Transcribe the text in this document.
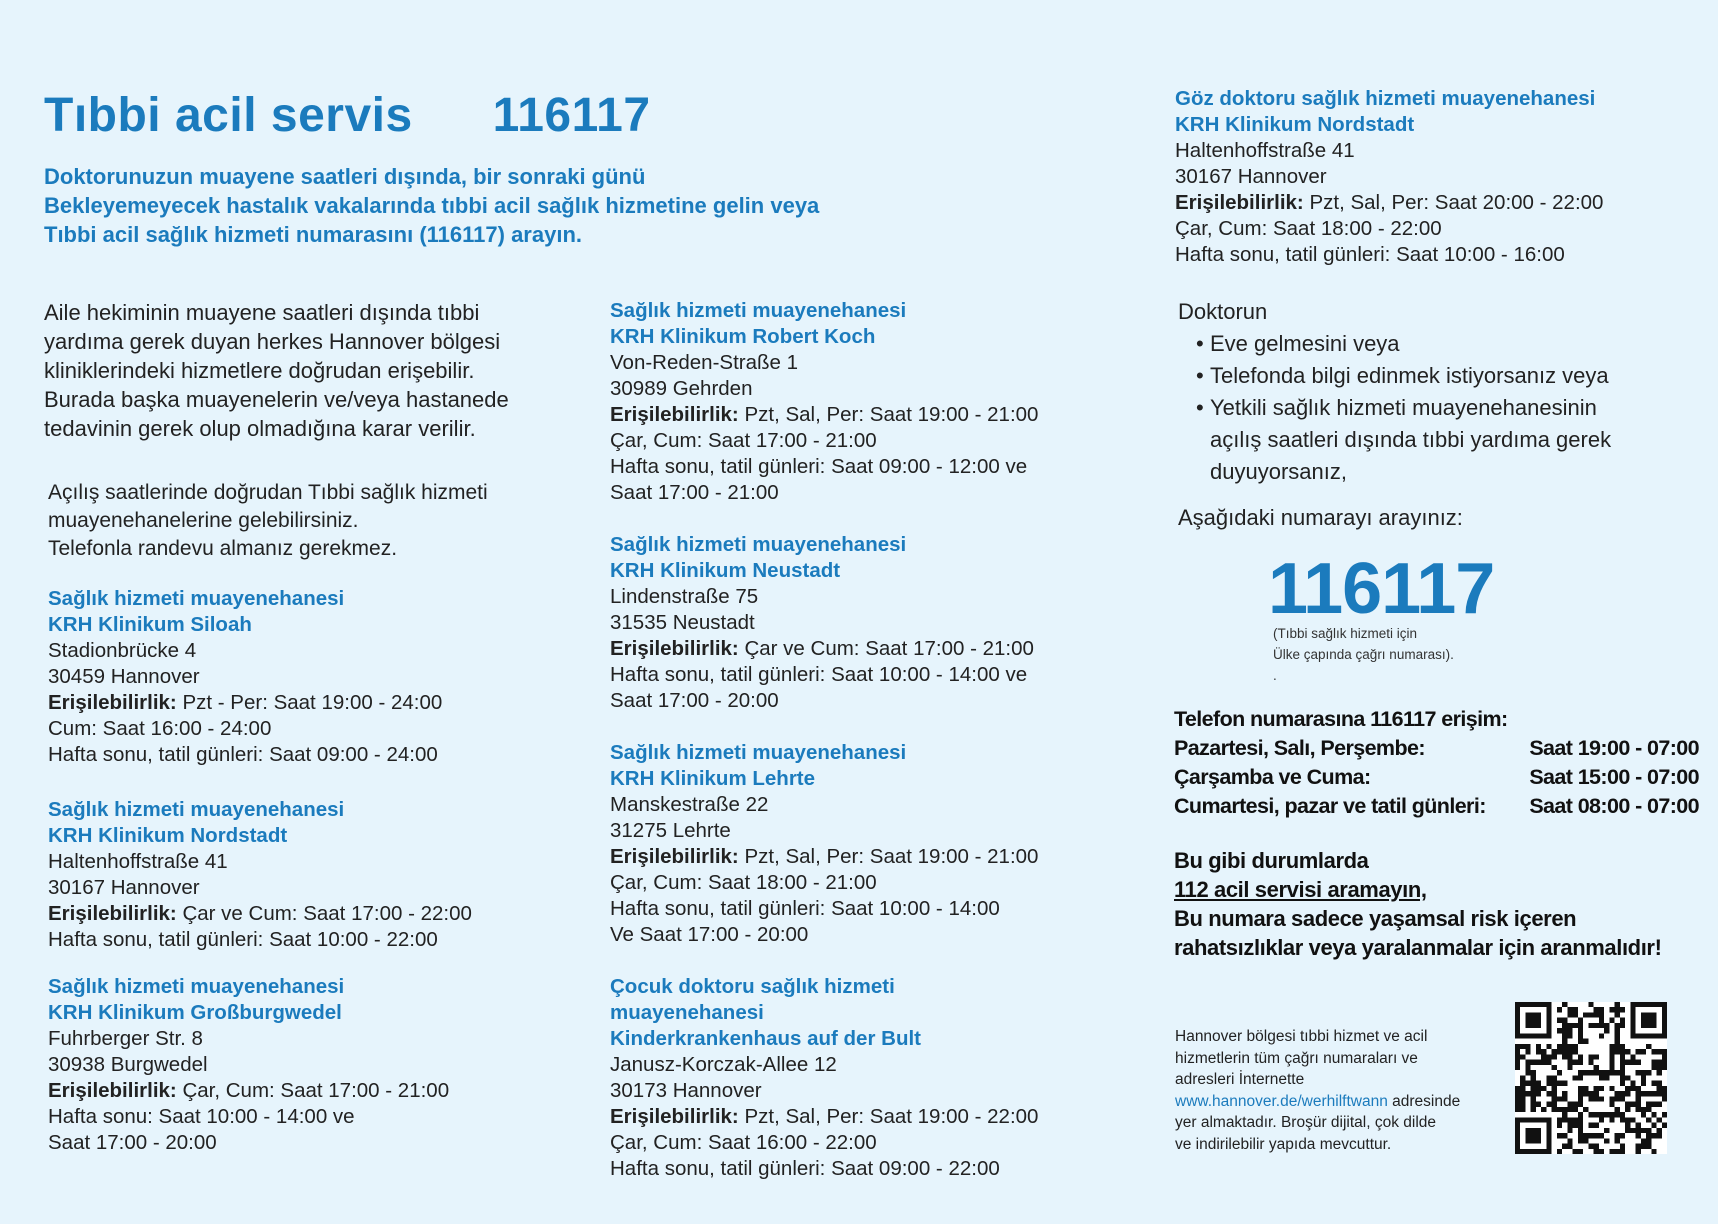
Tıbbi acil servis 116117
Doktorunuzun muayene saatleri dışında, bir sonraki günü
Bekleyemeyecek hastalık vakalarında tıbbi acil sağlık hizmetine gelin veya
Tıbbi acil sağlık hizmeti numarasını (116117) arayın.
Aile hekiminin muayene saatleri dışında tıbbi
yardıma gerek duyan herkes Hannover bölgesi
kliniklerindeki hizmetlere doğrudan erişebilir.
Burada başka muayenelerin ve/veya hastanede
tedavinin gerek olup olmadığına karar verilir.
Açılış saatlerinde doğrudan Tıbbi sağlık hizmeti
muayenehanelerine gelebilirsiniz.
Telefonla randevu almanız gerekmez.
Sağlık hizmeti muayenehanesi
KRH Klinikum Siloah
Stadionbrücke 4
30459 Hannover
Erişilebilirlik: Pzt - Per: Saat 19:00 - 24:00
Cum: Saat 16:00 - 24:00
Hafta sonu, tatil günleri: Saat 09:00 - 24:00
Sağlık hizmeti muayenehanesi
KRH Klinikum Nordstadt
Haltenhoffstraße 41
30167 Hannover
Erişilebilirlik: Çar ve Cum: Saat 17:00 - 22:00
Hafta sonu, tatil günleri: Saat 10:00 - 22:00
Sağlık hizmeti muayenehanesi
KRH Klinikum Großburgwedel
Fuhrberger Str. 8
30938 Burgwedel
Erişilebilirlik: Çar, Cum: Saat 17:00 - 21:00
Hafta sonu: Saat 10:00 - 14:00 ve
Saat 17:00 - 20:00
Sağlık hizmeti muayenehanesi
KRH Klinikum Robert Koch
Von-Reden-Straße 1
30989 Gehrden
Erişilebilirlik: Pzt, Sal, Per: Saat 19:00 - 21:00
Çar, Cum: Saat 17:00 - 21:00
Hafta sonu, tatil günleri: Saat 09:00 - 12:00 ve
Saat 17:00 - 21:00
Sağlık hizmeti muayenehanesi
KRH Klinikum Neustadt
Lindenstraße 75
31535 Neustadt
Erişilebilirlik: Çar ve Cum: Saat 17:00 - 21:00
Hafta sonu, tatil günleri: Saat 10:00 - 14:00 ve
Saat 17:00 - 20:00
Sağlık hizmeti muayenehanesi
KRH Klinikum Lehrte
Manskestraße 22
31275 Lehrte
Erişilebilirlik: Pzt, Sal, Per: Saat 19:00 - 21:00
Çar, Cum: Saat 18:00 - 21:00
Hafta sonu, tatil günleri: Saat 10:00 - 14:00
Ve Saat 17:00 - 20:00
Çocuk doktoru sağlık hizmeti
muayenehanesi
Kinderkrankenhaus auf der Bult
Janusz-Korczak-Allee 12
30173 Hannover
Erişilebilirlik: Pzt, Sal, Per: Saat 19:00 - 22:00
Çar, Cum: Saat 16:00 - 22:00
Hafta sonu, tatil günleri: Saat 09:00 - 22:00
Göz doktoru sağlık hizmeti muayenehanesi
KRH Klinikum Nordstadt
Haltenhoffstraße 41
30167 Hannover
Erişilebilirlik: Pzt, Sal, Per: Saat 20:00 - 22:00
Çar, Cum: Saat 18:00 - 22:00
Hafta sonu, tatil günleri: Saat 10:00 - 16:00
Doktorun
• Eve gelmesini veya
• Telefonda bilgi edinmek istiyorsanız veya
• Yetkili sağlık hizmeti muayenehanesinin
açılış saatleri dışında tıbbi yardıma gerek
duyuyorsanız,
Aşağıdaki numarayı arayınız:
116117
(Tıbbi sağlık hizmeti için
Ülke çapında çağrı numarası).
.
Telefon numarasına 116117 erişim:
Pazartesi, Salı, Perşembe:	Saat 19:00 - 07:00
Çarşamba ve Cuma:	Saat 15:00 - 07:00
Cumartesi, pazar ve tatil günleri: Saat 08:00 - 07:00
Bu gibi durumlarda
112 acil servisi aramayın,
Bu numara sadece yaşamsal risk içeren
rahatsızlıklar veya yaralanmalar için aranmalıdır!
Hannover bölgesi tıbbi hizmet ve acil
hizmetlerin tüm çağrı numaraları ve
adresleri İnternette
www.hannover.de/werhilftwann adresinde
yer almaktadır. Broşür dijital, çok dilde
ve indirilebilir yapıda mevcuttur.
